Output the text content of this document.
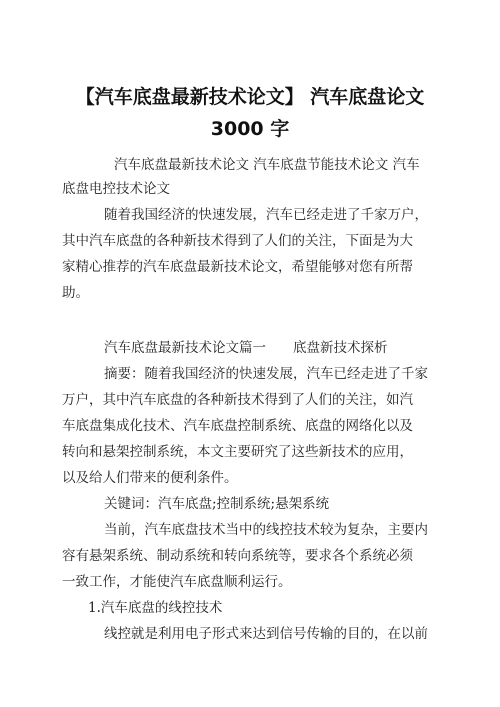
【汽车底盘最新技术论文】 汽车底盘论文
3000 字
汽车底盘最新技术论文 汽车底盘节能技术论文 汽车
底盘电控技术论文
随着我国经济的快速发展，汽车已经走进了千家万户，
其中汽车底盘的各种新技术得到了人们的关注，下面是为大
家精心推荐的汽车底盘最新技术论文，希望能够对您有所帮
助。
汽车底盘最新技术论文篇一　　底盘新技术探析
摘要：随着我国经济的快速发展，汽车已经走进了千家
万户，其中汽车底盘的各种新技术得到了人们的关注，如汽
车底盘集成化技术、汽车底盘控制系统、底盘的网络化以及
转向和悬架控制系统，本文主要研究了这些新技术的应用，
以及给人们带来的便利条件。
关键词：汽车底盘;控制系统;悬架系统
当前，汽车底盘技术当中的线控技术较为复杂，主要内
容有悬架系统、制动系统和转向系统等，要求各个系统必须
一致工作，才能使汽车底盘顺利运行。
1.汽车底盘的线控技术
线控就是利用电子形式来达到信号传输的目的，在以前
